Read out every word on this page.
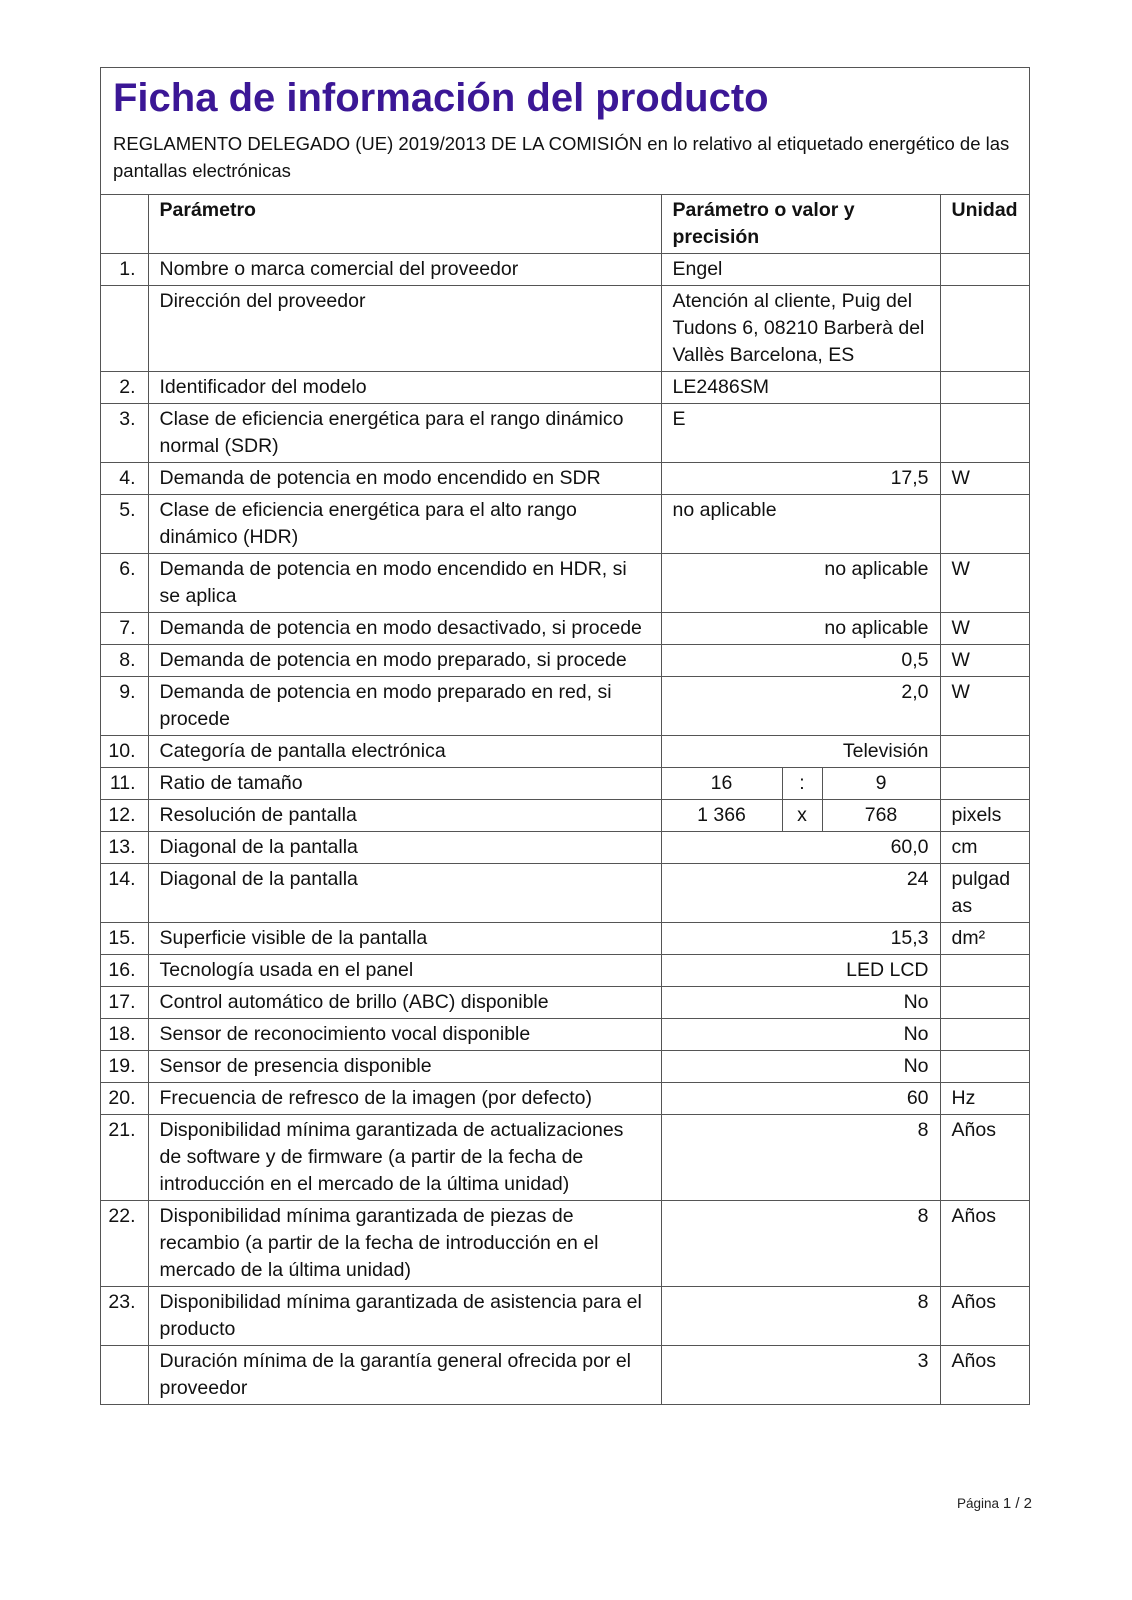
Ficha de información del producto
REGLAMENTO DELEGADO (UE) 2019/2013 DE LA COMISIÓN en lo relativo al etiquetado energético de las pantallas electrónicas
	Parámetro	Parámetro o valor y precisión			Unidad
1.	Nombre o marca comercial del proveedor	Engel			
	Dirección del proveedor	Atención al cliente, Puig del Tudons 6, 08210 Barberà del Vallès Barcelona, ES			
2.	Identificador del modelo	LE2486SM			
3.	Clase de eficiencia energética para el rango dinámico normal (SDR)	E			
4.	Demanda de potencia en modo encendido en SDR	17,5			W
5.	Clase de eficiencia energética para el alto rango dinámico (HDR)	no aplicable			
6.	Demanda de potencia en modo encendido en HDR, si se aplica	no aplicable			W
7.	Demanda de potencia en modo desactivado, si procede	no aplicable			W
8.	Demanda de potencia en modo preparado, si procede	0,5			W
9.	Demanda de potencia en modo preparado en red, si procede	2,0			W
10.	Categoría de pantalla electrónica	Televisión			
11.	Ratio de tamaño	16	:	9	
12.	Resolución de pantalla	1 366	x	768	pixels
13.	Diagonal de la pantalla	60,0			cm
14.	Diagonal de la pantalla	24			pulgadas
15.	Superficie visible de la pantalla	15,3			dm²
16.	Tecnología usada en el panel	LED LCD			
17.	Control automático de brillo (ABC) disponible	No			
18.	Sensor de reconocimiento vocal disponible	No			
19.	Sensor de presencia disponible	No			
20.	Frecuencia de refresco de la imagen (por defecto)	60			Hz
21.	Disponibilidad mínima garantizada de actualizaciones de software y de firmware (a partir de la fecha de introducción en el mercado de la última unidad)	8			Años
22.	Disponibilidad mínima garantizada de piezas de recambio (a partir de la fecha de introducción en el mercado de la última unidad)	8			Años
23.	Disponibilidad mínima garantizada de asistencia para el producto	8			Años
	Duración mínima de la garantía general ofrecida por el proveedor	3			Años
Página 1 / 2
